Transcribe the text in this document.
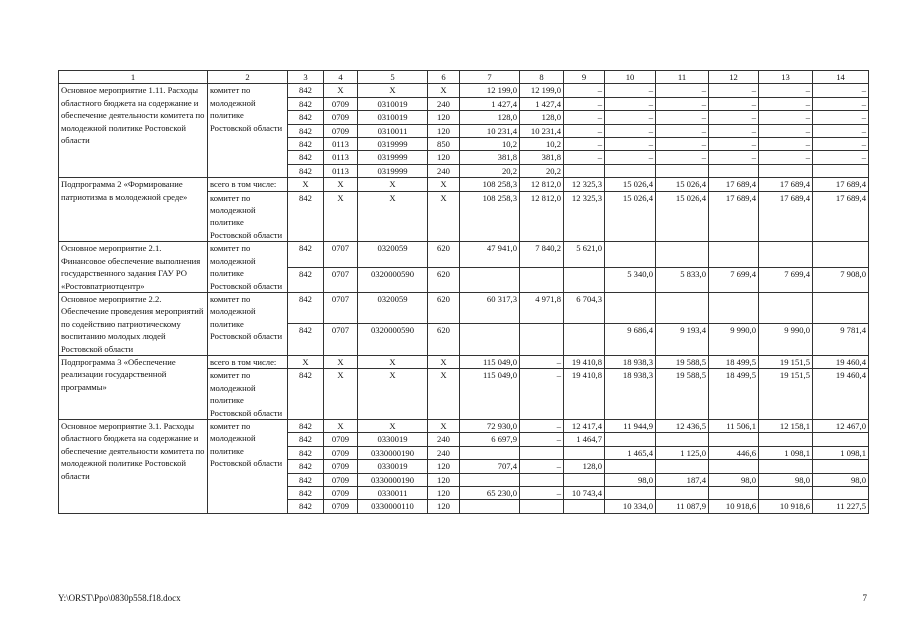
1	2	3	4	5	6	7	8	9	10	11	12	13	14
Основное мероприятие 1.11. Расходы областного бюджета на содержание и обеспечение деятельности комитета по молодежной политике Ростовской области	комитет по молодежной политике Ростовской области	842	X	X	X	12 199,0	12 199,0	–	–	–	–	–	–
		842	0709	0310019	240	1 427,4	1 427,4	–	–	–	–	–	–
		842	0709	0310019	120	128,0	128,0	–	–	–	–	–	–
		842	0709	0310011	120	10 231,4	10 231,4	–	–	–	–	–	–
		842	0113	0319999	850	10,2	10,2	–	–	–	–	–	–
		842	0113	0319999	120	381,8	381,8	–	–	–	–	–	–
		842	0113	0319999	240	20,2	20,2						
Подпрограмма 2 «Формирование патриотизма в молодежной среде»	всего в том числе:	X	X	X	X	108 258,3	12 812,0	12 325,3	15 026,4	15 026,4	17 689,4	17 689,4	17 689,4
	комитет по молодежной политике Ростовской области	842	X	X	X	108 258,3	12 812,0	12 325,3	15 026,4	15 026,4	17 689,4	17 689,4	17 689,4
Основное мероприятие 2.1. Финансовое обеспечение выполнения государственного задания ГАУ РО «Ростовпатриотцентр»	комитет по молодежной политике Ростовской области	842	0707	0320059	620	47 941,0	7 840,2	5 621,0					
		842	0707	0320000590	620				5 340,0	5 833,0	7 699,4	7 699,4	7 908,0
Основное мероприятие 2.2. Обеспечение проведения мероприятий по содействию патриотическому воспитанию молодых людей Ростовской области	комитет по молодежной политике Ростовской области	842	0707	0320059	620	60 317,3	4 971,8	6 704,3					
		842	0707	0320000590	620				9 686,4	9 193,4	9 990,0	9 990,0	9 781,4
Подпрограмма 3 «Обеспечение реализации государственной программы»	всего в том числе:	X	X	X	X	115 049,0	–	19 410,8	18 938,3	19 588,5	18 499,5	19 151,5	19 460,4
	комитет по молодежной политике Ростовской области	842	X	X	X	115 049,0	–	19 410,8	18 938,3	19 588,5	18 499,5	19 151,5	19 460,4
Основное мероприятие 3.1. Расходы областного бюджета на содержание и обеспечение деятельности комитета по молодежной политике Ростовской области	комитет по молодежной политике Ростовской области	842	X	X	X	72 930,0	–	12 417,4	11 944,9	12 436,5	11 506,1	12 158,1	12 467,0
		842	0709	0330019	240	6 697,9	–	1 464,7					
		842	0709	0330000190	240				1 465,4	1 125,0	446,6	1 098,1	1 098,1
		842	0709	0330019	120	707,4	–	128,0					
		842	0709	0330000190	120				98,0	187,4	98,0	98,0	98,0
		842	0709	0330011	120	65 230,0	–	10 743,4					
		842	0709	0330000110	120				10 334,0	11 087,9	10 918,6	10 918,6	11 227,5
Y:\ORST\Ppo\0830p558.f18.docx	7
